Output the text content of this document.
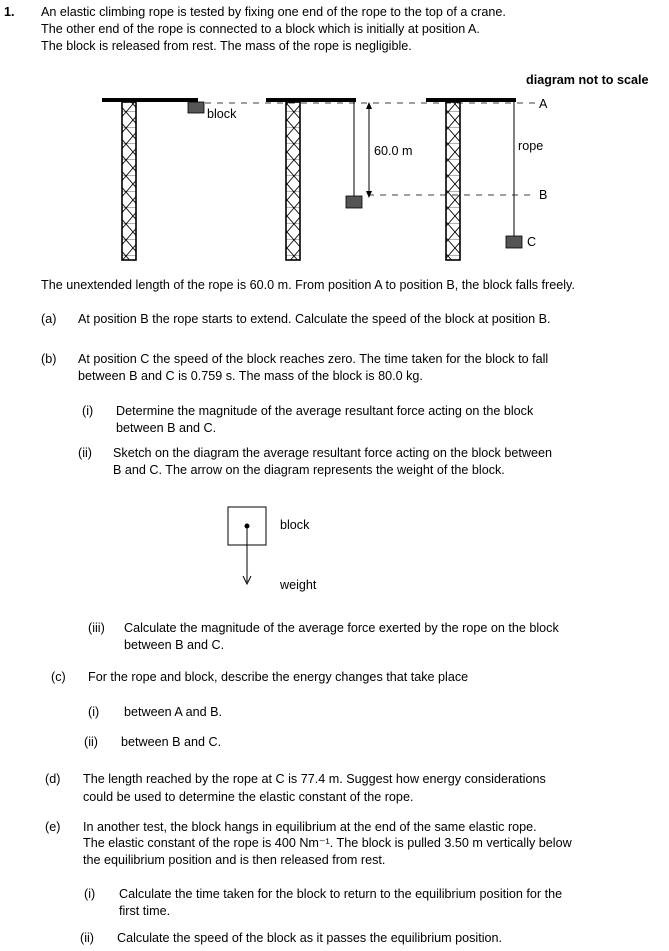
block
60.0 m	rope
A
B
C
block
weight
1. An elastic climbing rope is tested by fixing one end of the rope to the top of a crane.
The other end of the rope is connected to a block which is initially at position A.
The block is released from rest. The mass of the rope is negligible.
diagram not to scale
The unextended length of the rope is 60.0 m. From position A to position B, the block falls freely.
(a) At position B the rope starts to extend. Calculate the speed of the block at position B.
(b) At position C the speed of the block reaches zero. The time taken for the block to fall
between B and C is 0.759 s. The mass of the block is 80.0 kg.
(i) Determine the magnitude of the average resultant force acting on the block
between B and C.
(ii) Sketch on the diagram the average resultant force acting on the block between
B and C. The arrow on the diagram represents the weight of the block.
(iii) Calculate the magnitude of the average force exerted by the rope on the block
between B and C.
(c) For the rope and block, describe the energy changes that take place
(i) between A and B.
(ii) between B and C.
(d) The length reached by the rope at C is 77.4 m. Suggest how energy considerations
could be used to determine the elastic constant of the rope.
(e) In another test, the block hangs in equilibrium at the end of the same elastic rope.
The elastic constant of the rope is 400 Nm⁻¹. The block is pulled 3.50 m vertically below
the equilibrium position and is then released from rest.
(i) Calculate the time taken for the block to return to the equilibrium position for the
first time.
(ii) Calculate the speed of the block as it passes the equilibrium position.
